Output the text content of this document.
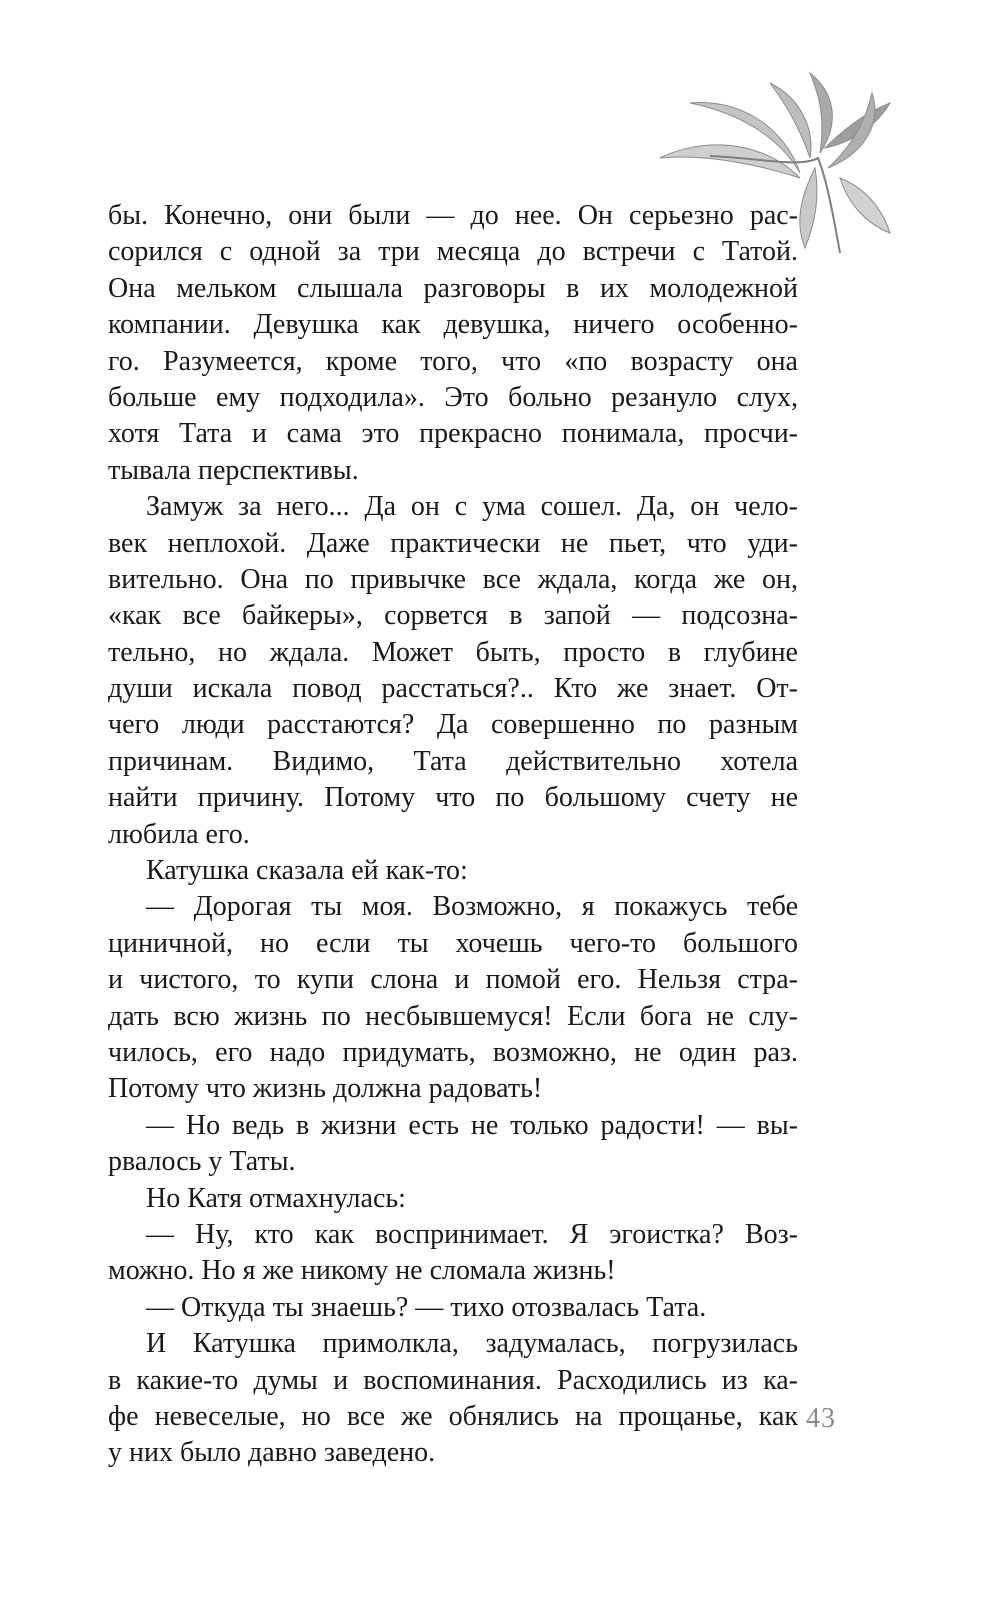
бы. Конечно, они были — до нее. Он серьезно рас-
сорился с одной за три месяца до встречи с Татой.
Она мельком слышала разговоры в их молодежной
компании. Девушка как девушка, ничего особенно-
го. Разумеется, кроме того, что «по возрасту она
больше ему подходила». Это больно резануло слух,
хотя Тата и сама это прекрасно понимала, просчи-
тывала перспективы.
Замуж за него... Да он с ума сошел. Да, он чело-
век неплохой. Даже практически не пьет, что уди-
вительно. Она по привычке все ждала, когда же он,
«как все байкеры», сорвется в запой — подсозна-
тельно, но ждала. Может быть, просто в глубине
души искала повод расстаться?.. Кто же знает. От-
чего люди расстаются? Да совершенно по разным
причинам. Видимо, Тата действительно хотела
найти причину. Потому что по большому счету не
любила его.
Катушка сказала ей как-то:
— Дорогая ты моя. Возможно, я покажусь тебе
циничной, но если ты хочешь чего-то большого
и чистого, то купи слона и помой его. Нельзя стра-
дать всю жизнь по несбывшемуся! Если бога не слу-
чилось, его надо придумать, возможно, не один раз.
Потому что жизнь должна радовать!
— Но ведь в жизни есть не только радости! — вы-
рвалось у Таты.
Но Катя отмахнулась:
— Ну, кто как воспринимает. Я эгоистка? Воз-
можно. Но я же никому не сломала жизнь!
— Откуда ты знаешь? — тихо отозвалась Тата.
И Катушка примолкла, задумалась, погрузилась
в какие-то думы и воспоминания. Расходились из ка-
фе невеселые, но все же обнялись на прощанье, как
у них было давно заведено.
43
